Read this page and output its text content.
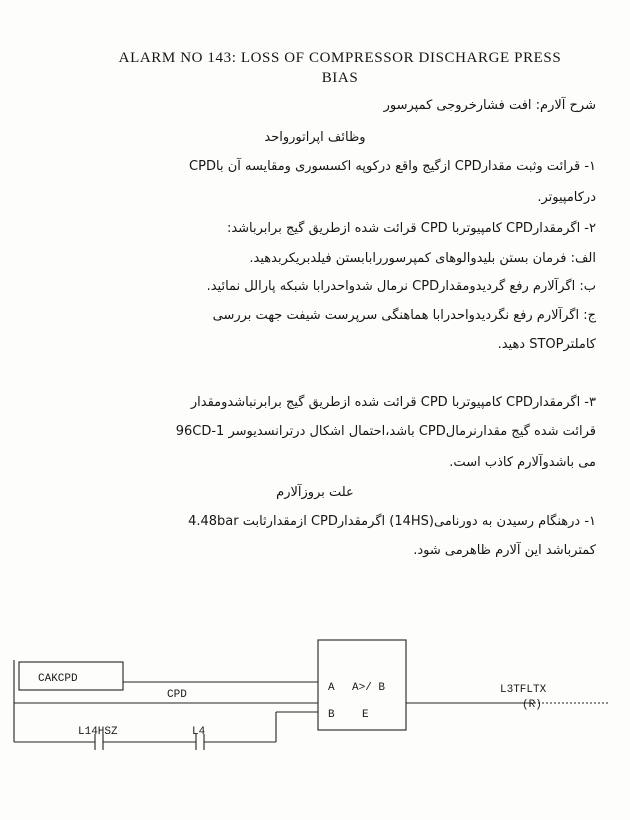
ALARM NO 143: LOSS OF COMPRESSOR DISCHARGE PRESS
BIAS
شرح آلارم: افت فشارخروجی کمپرسور
وظائف اپراتورواحد
۱- قرائت وثبت مقدارCPD ازگیج واقع درکوپه اکسسوری ومقایسه آن باCPD
درکامپیوتر.
۲- اگرمقدارCPD کامپیوتربا CPD قرائت شده ازطریق گیج برابرباشد:
الف: فرمان بستن بلیدوالوهای کمپرسوررابابستن فیلدبریکربدهید.
ب: اگرآلارم رفع گردیدومقدارCPD نرمال شدواحدرابا شبکه پارالل نمائید.
ج: اگرآلارم رفع نگردیدواحدرابا هماهنگی سرپرست شیفت جهت بررسی
کاملترSTOP دهید.
۳- اگرمقدارCPD کامپیوتربا CPD قرائت شده ازطریق گیج برابرنباشدومقدار
قرائت شده گیج مقدارنرمالCPD باشد،احتمال اشکال درترانسدیوسر 96CD-1
می باشدوآلارم کاذب است.
علت بروزآلارم
۱- درهنگام رسیدن به دورنامی(14HS) اگرمقدارCPD ازمقدارثابت 4.48bar
کمترباشد این آلارم ظاهرمی شود.
CAKCPD
CPD
A A>/ B
B E
L3TFLTX
(R)
L14HSZ	L4
